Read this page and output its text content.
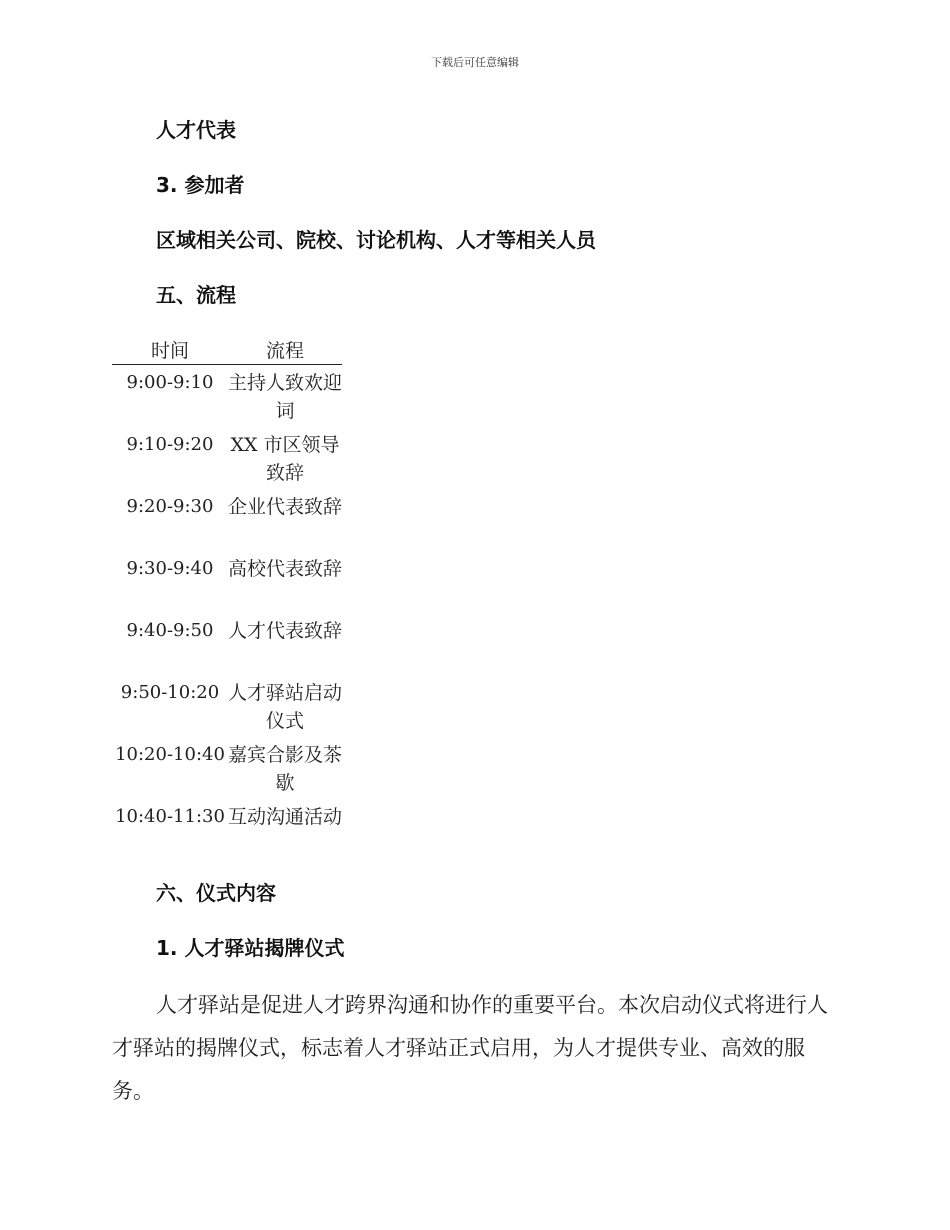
下载后可任意编辑
人才代表
3. 参加者
区域相关公司、院校、讨论机构、人才等相关人员
五、流程
时间	流程
9:00-9:10	主持人致欢迎词
9:10-9:20	XX 市区领导致辞
9:20-9:30	企业代表致辞
9:30-9:40	高校代表致辞
9:40-9:50	人才代表致辞
9:50-10:20	人才驿站启动仪式
10:20-10:40	嘉宾合影及茶歇
10:40-11:30	互动沟通活动
六、仪式内容
1. 人才驿站揭牌仪式
人才驿站是促进人才跨界沟通和协作的重要平台。本次启动仪式将进行人才驿站的揭牌仪式，标志着人才驿站正式启用，为人才提供专业、高效的服务。
